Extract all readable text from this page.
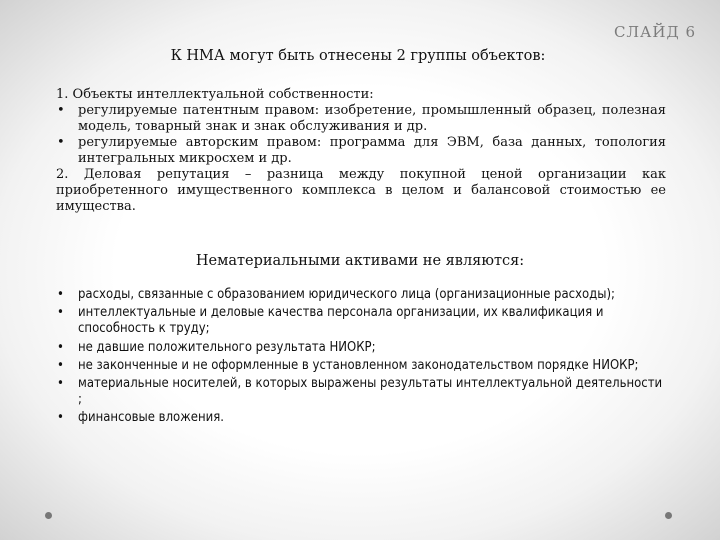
СЛАЙД 6
К НМА могут быть отнесены 2 группы объектов:

1. Объекты интеллектуальной собственности:

• регулируемые патентным правом: изобретение, промышленный образец, полезная модель, товарный знак и знак обслуживания и др.
• регулируемые авторским правом: программа для ЭВМ, база данных, топология интегральных микросхем и др.

2. Деловая репутация – разница между покупной ценой организации как приобретенного имущественного комплекса в целом и балансовой стоимостью ее имущества.

Нематериальными активами не являются:
• расходы, связанные с образованием юридического лица (организационные расходы);
• интеллектуальные и деловые качества персонала организации, их квалификация и способность к труду;
• не давшие положительного результата НИОКР;
• не законченные и не оформленные в установленном законодательством порядке НИОКР;
• материальные носителей, в которых выражены результаты интеллектуальной деятельности ;
• финансовые вложения.
